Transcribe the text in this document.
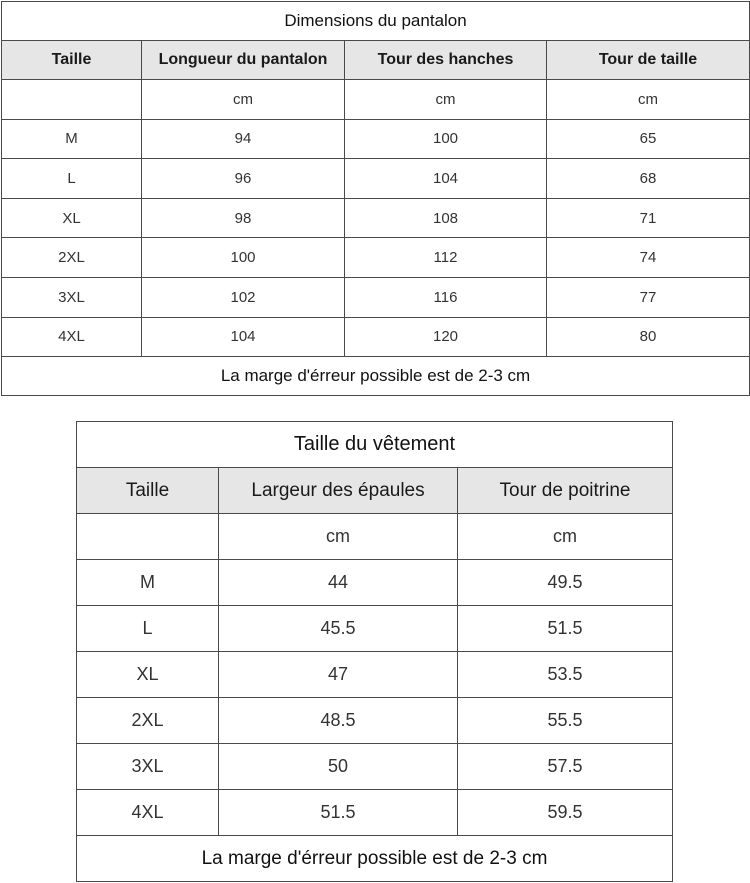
Dimensions du pantalon			
Taille	Longueur du pantalon	Tour des hanches	Tour de taille
	cm	cm	cm
M	94	100	65
L	96	104	68
XL	98	108	71
2XL	100	112	74
3XL	102	116	77
4XL	104	120	80
La marge d'érreur possible est de 2-3 cm			
Taille du vêtement		
Taille	Largeur des épaules	Tour de poitrine
	cm	cm
M	44	49.5
L	45.5	51.5
XL	47	53.5
2XL	48.5	55.5
3XL	50	57.5
4XL	51.5	59.5
La marge d'érreur possible est de 2-3 cm		
